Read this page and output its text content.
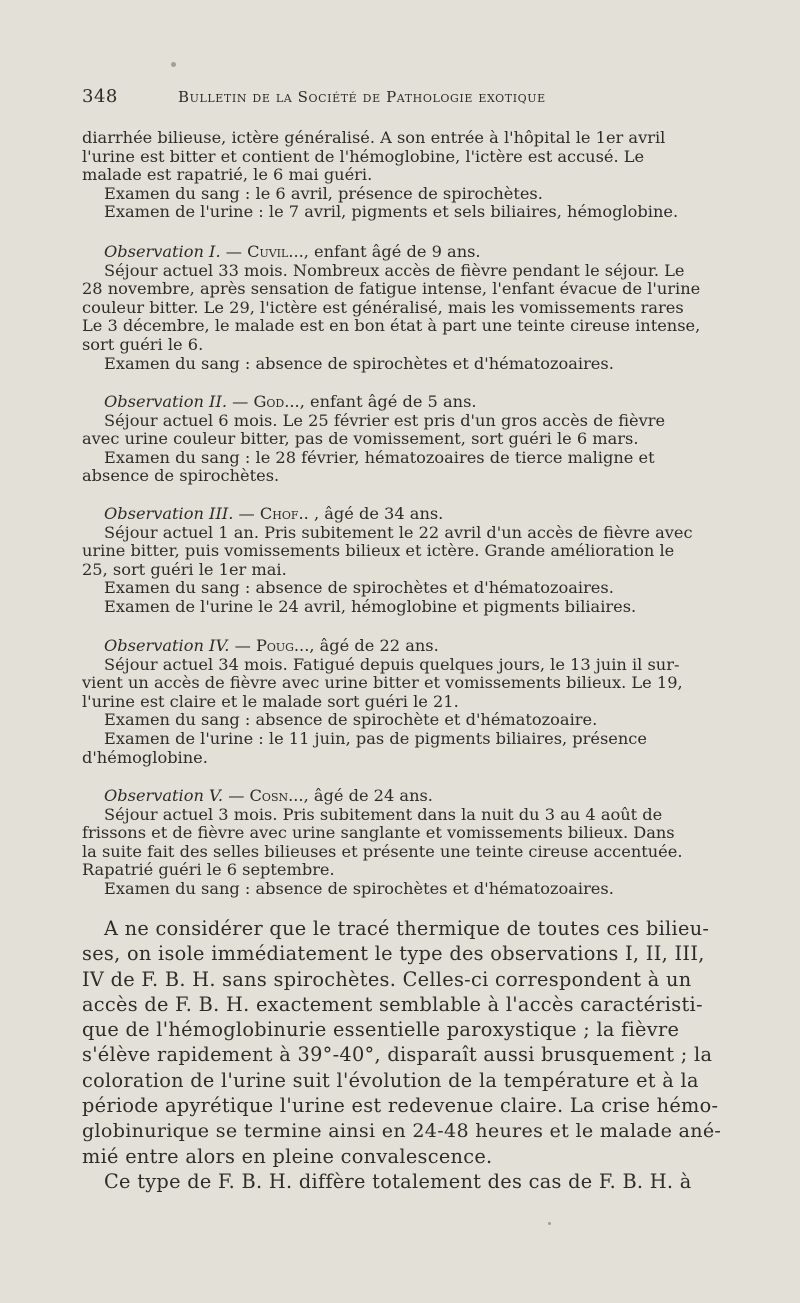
348	Bulletin de la Société de Pathologie exotique

diarrhée bilieuse, ictère généralisé. A son entrée à l'hôpital le 1er avril

l'urine est bitter et contient de l'hémoglobine, l'ictère est accusé. Le

malade est rapatrié, le 6 mai guéri.

Examen du sang : le 6 avril, présence de spirochètes.

Examen de l'urine : le 7 avril, pigments et sels biliaires, hémoglobine.

Observation I. — Cuvil..., enfant âgé de 9 ans.

Séjour actuel 33 mois. Nombreux accès de fièvre pendant le séjour. Le

28 novembre, après sensation de fatigue intense, l'enfant évacue de l'urine

couleur bitter. Le 29, l'ictère est généralisé, mais les vomissements rares

Le 3 décembre, le malade est en bon état à part une teinte cireuse intense,

sort guéri le 6.

Examen du sang : absence de spirochètes et d'hématozoaires.

Observation II. — God..., enfant âgé de 5 ans.

Séjour actuel 6 mois. Le 25 février est pris d'un gros accès de fièvre

avec urine couleur bitter, pas de vomissement, sort guéri le 6 mars.

Examen du sang : le 28 février, hématozoaires de tierce maligne et

absence de spirochètes.

Observation III. — Chof.. , âgé de 34 ans.

Séjour actuel 1 an. Pris subitement le 22 avril d'un accès de fièvre avec

urine bitter, puis vomissements bilieux et ictère. Grande amélioration le

25, sort guéri le 1er mai.

Examen du sang : absence de spirochètes et d'hématozoaires.

Examen de l'urine le 24 avril, hémoglobine et pigments biliaires.

Observation IV. — Poug..., âgé de 22 ans.

Séjour actuel 34 mois. Fatigué depuis quelques jours, le 13 juin il sur-

vient un accès de fièvre avec urine bitter et vomissements bilieux. Le 19,

l'urine est claire et le malade sort guéri le 21.

Examen du sang : absence de spirochète et d'hématozoaire.

Examen de l'urine : le 11 juin, pas de pigments biliaires, présence

d'hémoglobine.

Observation V. — Cosn..., âgé de 24 ans.

Séjour actuel 3 mois. Pris subitement dans la nuit du 3 au 4 août de

frissons et de fièvre avec urine sanglante et vomissements bilieux. Dans

la suite fait des selles bilieuses et présente une teinte cireuse accentuée.

Rapatrié guéri le 6 septembre.

Examen du sang : absence de spirochètes et d'hématozoaires.

A ne considérer que le tracé thermique de toutes ces bilieu-

ses, on isole immédiatement le type des observations I, II, III,

IV de F. B. H. sans spirochètes. Celles-ci correspondent à un

accès de F. B. H. exactement semblable à l'accès caractéristi-

que de l'hémoglobinurie essentielle paroxystique ; la fièvre

s'élève rapidement à 39°-40°, disparaît aussi brusquement ; la

coloration de l'urine suit l'évolution de la température et à la

période apyrétique l'urine est redevenue claire. La crise hémo-

globinurique se termine ainsi en 24-48 heures et le malade ané-

mié entre alors en pleine convalescence.

Ce type de F. B. H. diffère totalement des cas de F. B. H. à
